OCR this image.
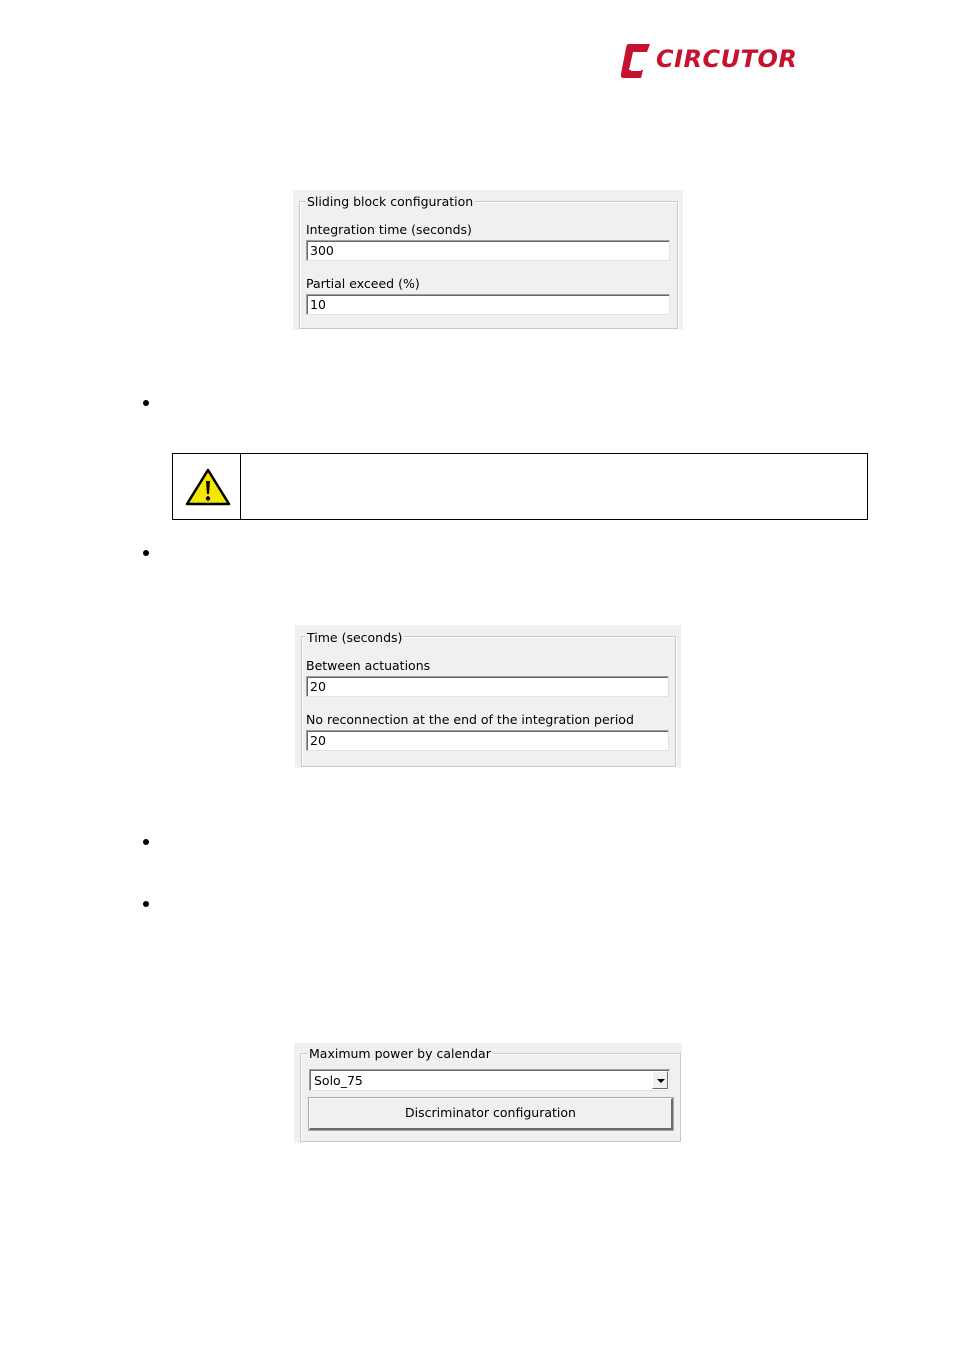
CIRCUTOR
Sliding block configuration
Integration time (seconds)
300
Partial exceed (%)
10
Time (seconds)
Between actuations
20
No reconnection at the end of the integration period
20
Maximum power by calendar
Solo_75
Discriminator configuration
